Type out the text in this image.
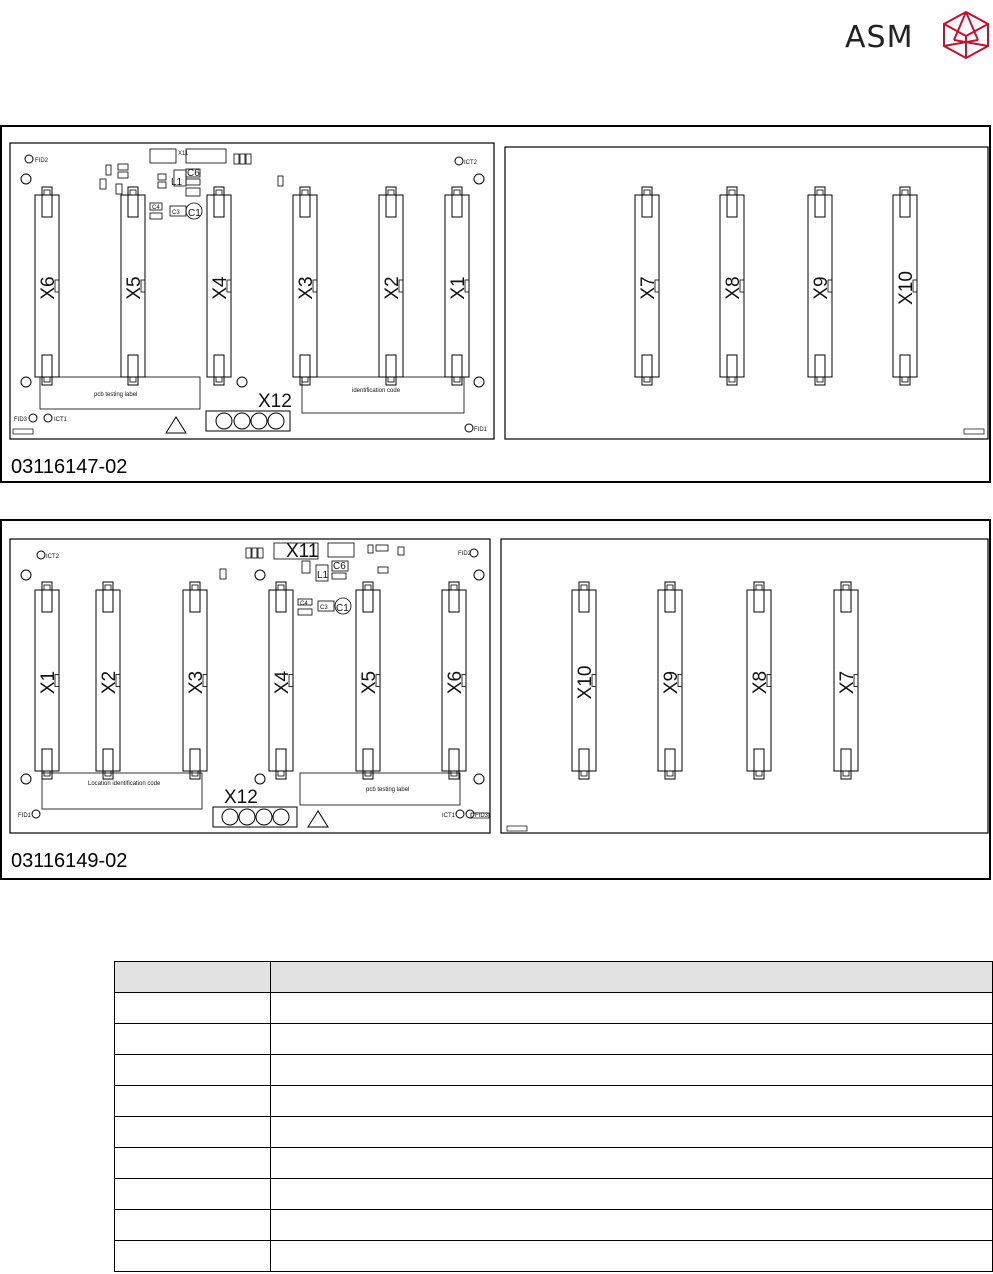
ASM
X6	X5	X4	X3	X2 X1	X7	X8	X9	X10
pcb testing label
identification code
X12
FID2	ICT2
FID3	ICT1
FID1
X11
L1
C6
C3 C1
C4
03116147-02
X1 X2	X3	X4	X5	X6	X10	X9	X8	X7
Location identification code
pcb testing label
X12
ICT2	FID2
FID1	ICT1	FID3
X11
L1
C6
C3 C1
C4
03116149-02
